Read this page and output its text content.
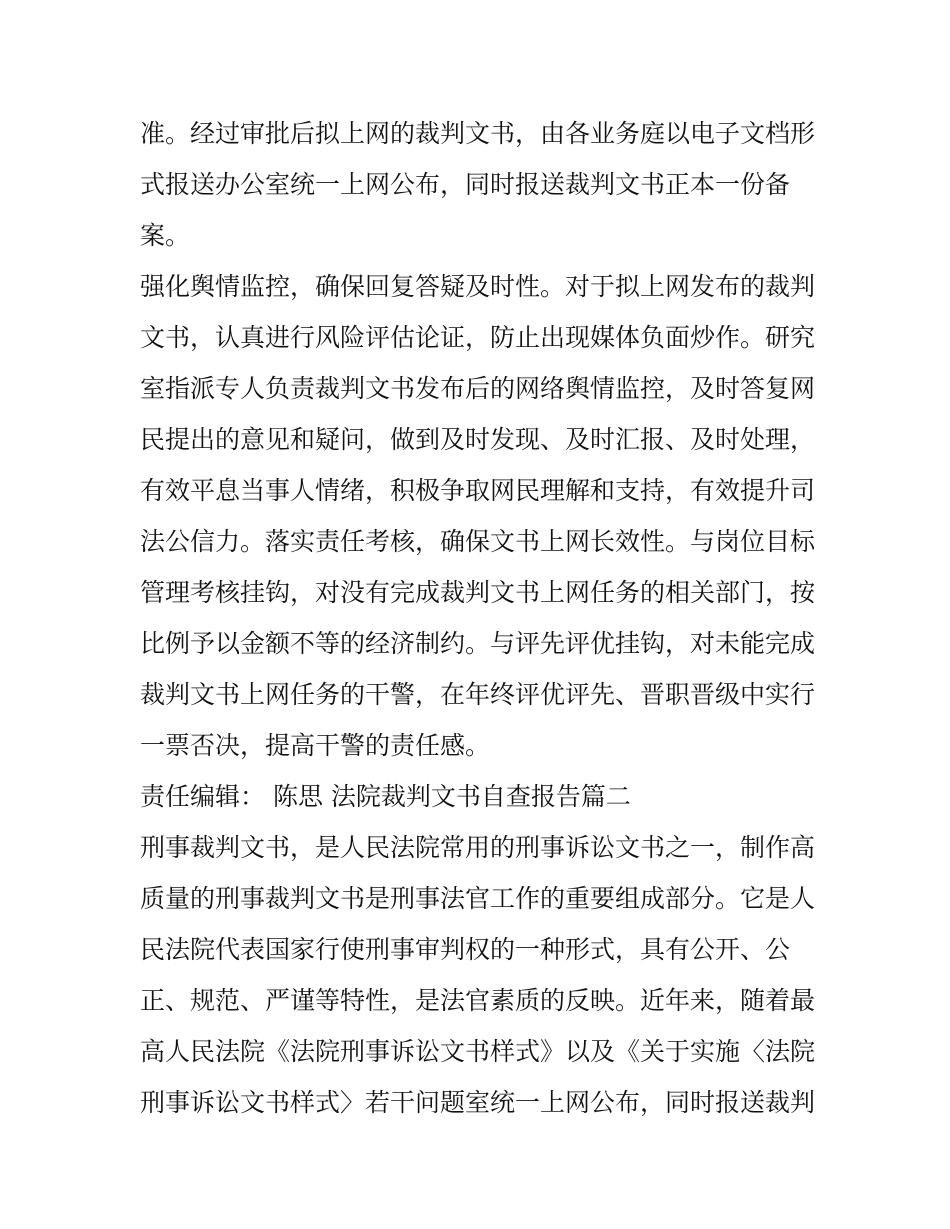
准。经过审批后拟上网的裁判文书，由各业务庭以电子文档形
式报送办公室统一上网公布，同时报送裁判文书正本一份备
案。
强化舆情监控，确保回复答疑及时性。对于拟上网发布的裁判
文书，认真进行风险评估论证，防止出现媒体负面炒作。研究
室指派专人负责裁判文书发布后的网络舆情监控，及时答复网
民提出的意见和疑问，做到及时发现、及时汇报、及时处理，
有效平息当事人情绪，积极争取网民理解和支持，有效提升司
法公信力。落实责任考核，确保文书上网长效性。与岗位目标
管理考核挂钩，对没有完成裁判文书上网任务的相关部门，按
比例予以金额不等的经济制约。与评先评优挂钩，对未能完成
裁判文书上网任务的干警，在年终评优评先、晋职晋级中实行
一票否决，提高干警的责任感。
责任编辑： 陈思 法院裁判文书自查报告篇二
刑事裁判文书，是人民法院常用的刑事诉讼文书之一，制作高
质量的刑事裁判文书是刑事法官工作的重要组成部分。它是人
民法院代表国家行使刑事审判权的一种形式，具有公开、公
正、规范、严谨等特性，是法官素质的反映。近年来，随着最
高人民法院《法院刑事诉讼文书样式》以及《关于实施〈法院
刑事诉讼文书样式〉若干问题室统一上网公布，同时报送裁判
